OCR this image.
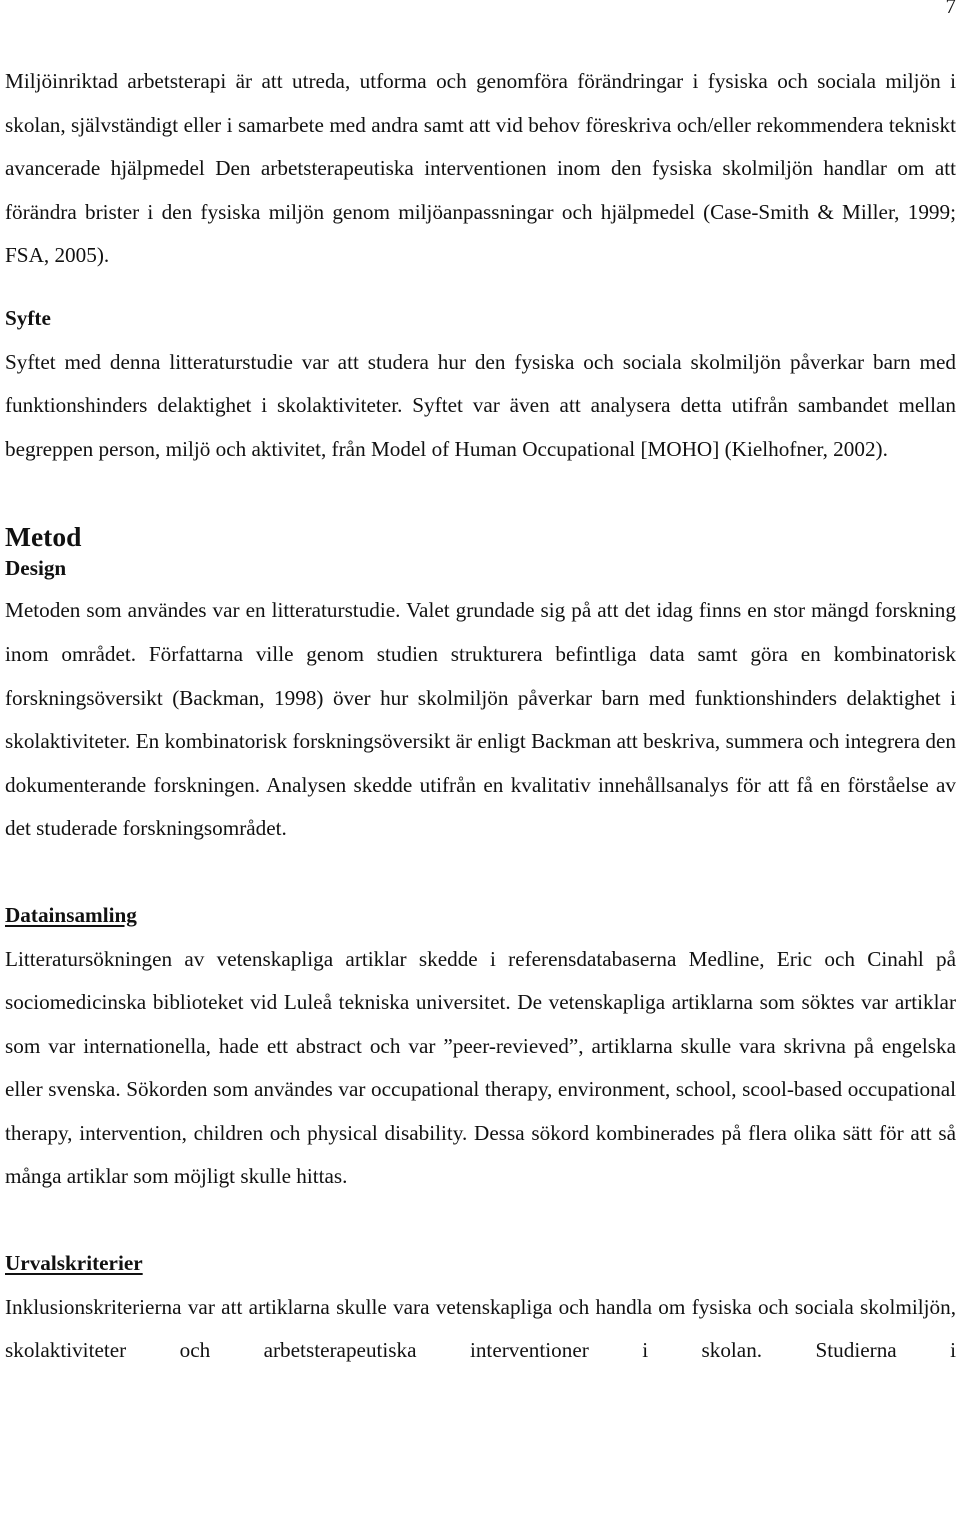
7

Miljöinriktad arbetsterapi är att utreda, utforma och genomföra förändringar i fysiska och sociala miljön i skolan, självständigt eller i samarbete med andra samt att vid behov föreskriva och/eller rekommendera tekniskt avancerade hjälpmedel Den arbetsterapeutiska interventionen inom den fysiska skolmiljön handlar om att förändra brister i den fysiska miljön genom miljöanpassningar och hjälpmedel (Case-Smith & Miller, 1999; FSA, 2005).

Syfte

Syftet med denna litteraturstudie var att studera hur den fysiska och sociala skolmiljön påverkar barn med funktionshinders delaktighet i skolaktiviteter. Syftet var även att analysera detta utifrån sambandet mellan begreppen person, miljö och aktivitet, från Model of Human Occupational [MOHO] (Kielhofner, 2002).

Metod
Design

Metoden som användes var en litteraturstudie. Valet grundade sig på att det idag finns en stor mängd forskning inom området. Författarna ville genom studien strukturera befintliga data samt göra en kombinatorisk forskningsöversikt (Backman, 1998) över hur skolmiljön påverkar barn med funktionshinders delaktighet i skolaktiviteter. En kombinatorisk forskningsöversikt är enligt Backman att beskriva, summera och integrera den dokumenterande forskningen. Analysen skedde utifrån en kvalitativ innehållsanalys för att få en förståelse av det studerade forskningsområdet.

Datainsamling

Litteratursökningen av vetenskapliga artiklar skedde i referensdatabaserna Medline, Eric och Cinahl på sociomedicinska biblioteket vid Luleå tekniska universitet. De vetenskapliga artiklarna som söktes var artiklar som var internationella, hade ett abstract och var ”peer-revieved”, artiklarna skulle vara skrivna på engelska eller svenska. Sökorden som användes var occupational therapy, environment, school, scool-based occupational therapy, intervention, children och physical disability. Dessa sökord kombinerades på flera olika sätt för att så många artiklar som möjligt skulle hittas.

Urvalskriterier

Inklusionskriterierna var att artiklarna skulle vara vetenskapliga och handla om fysiska och sociala skolmiljön, skolaktiviteter och arbetsterapeutiska interventioner i skolan. Studierna i
